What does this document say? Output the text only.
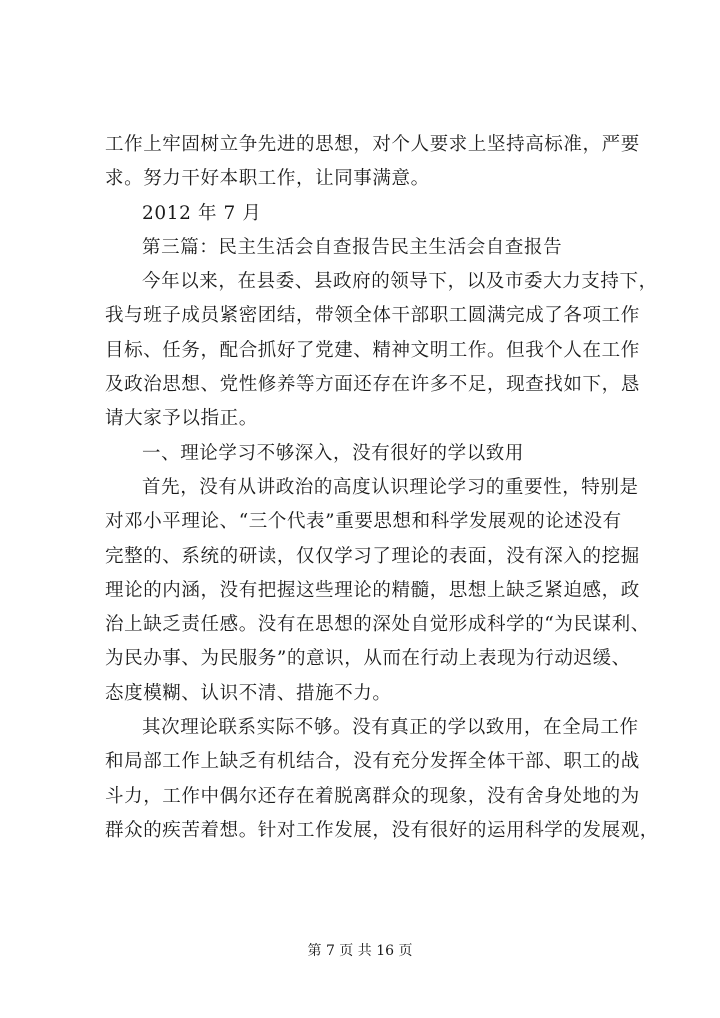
工作上牢固树立争先进的思想，对个人要求上坚持高标准，严要
求。努力干好本职工作，让同事满意。
2012 年 7 月
第三篇：民主生活会自查报告民主生活会自查报告
今年以来，在县委、县政府的领导下，以及市委大力支持下，
我与班子成员紧密团结，带领全体干部职工圆满完成了各项工作
目标、任务，配合抓好了党建、精神文明工作。但我个人在工作
及政治思想、党性修养等方面还存在许多不足，现查找如下，恳
请大家予以指正。
一、理论学习不够深入，没有很好的学以致用
首先，没有从讲政治的高度认识理论学习的重要性，特别是
对邓小平理论、“三个代表”重要思想和科学发展观的论述没有
完整的、系统的研读，仅仅学习了理论的表面，没有深入的挖掘
理论的内涵，没有把握这些理论的精髓，思想上缺乏紧迫感，政
治上缺乏责任感。没有在思想的深处自觉形成科学的“为民谋利、
为民办事、为民服务”的意识，从而在行动上表现为行动迟缓、
态度模糊、认识不清、措施不力。
其次理论联系实际不够。没有真正的学以致用，在全局工作
和局部工作上缺乏有机结合，没有充分发挥全体干部、职工的战
斗力，工作中偶尔还存在着脱离群众的现象，没有舍身处地的为
群众的疾苦着想。针对工作发展，没有很好的运用科学的发展观，
第 7 页 共 16 页
